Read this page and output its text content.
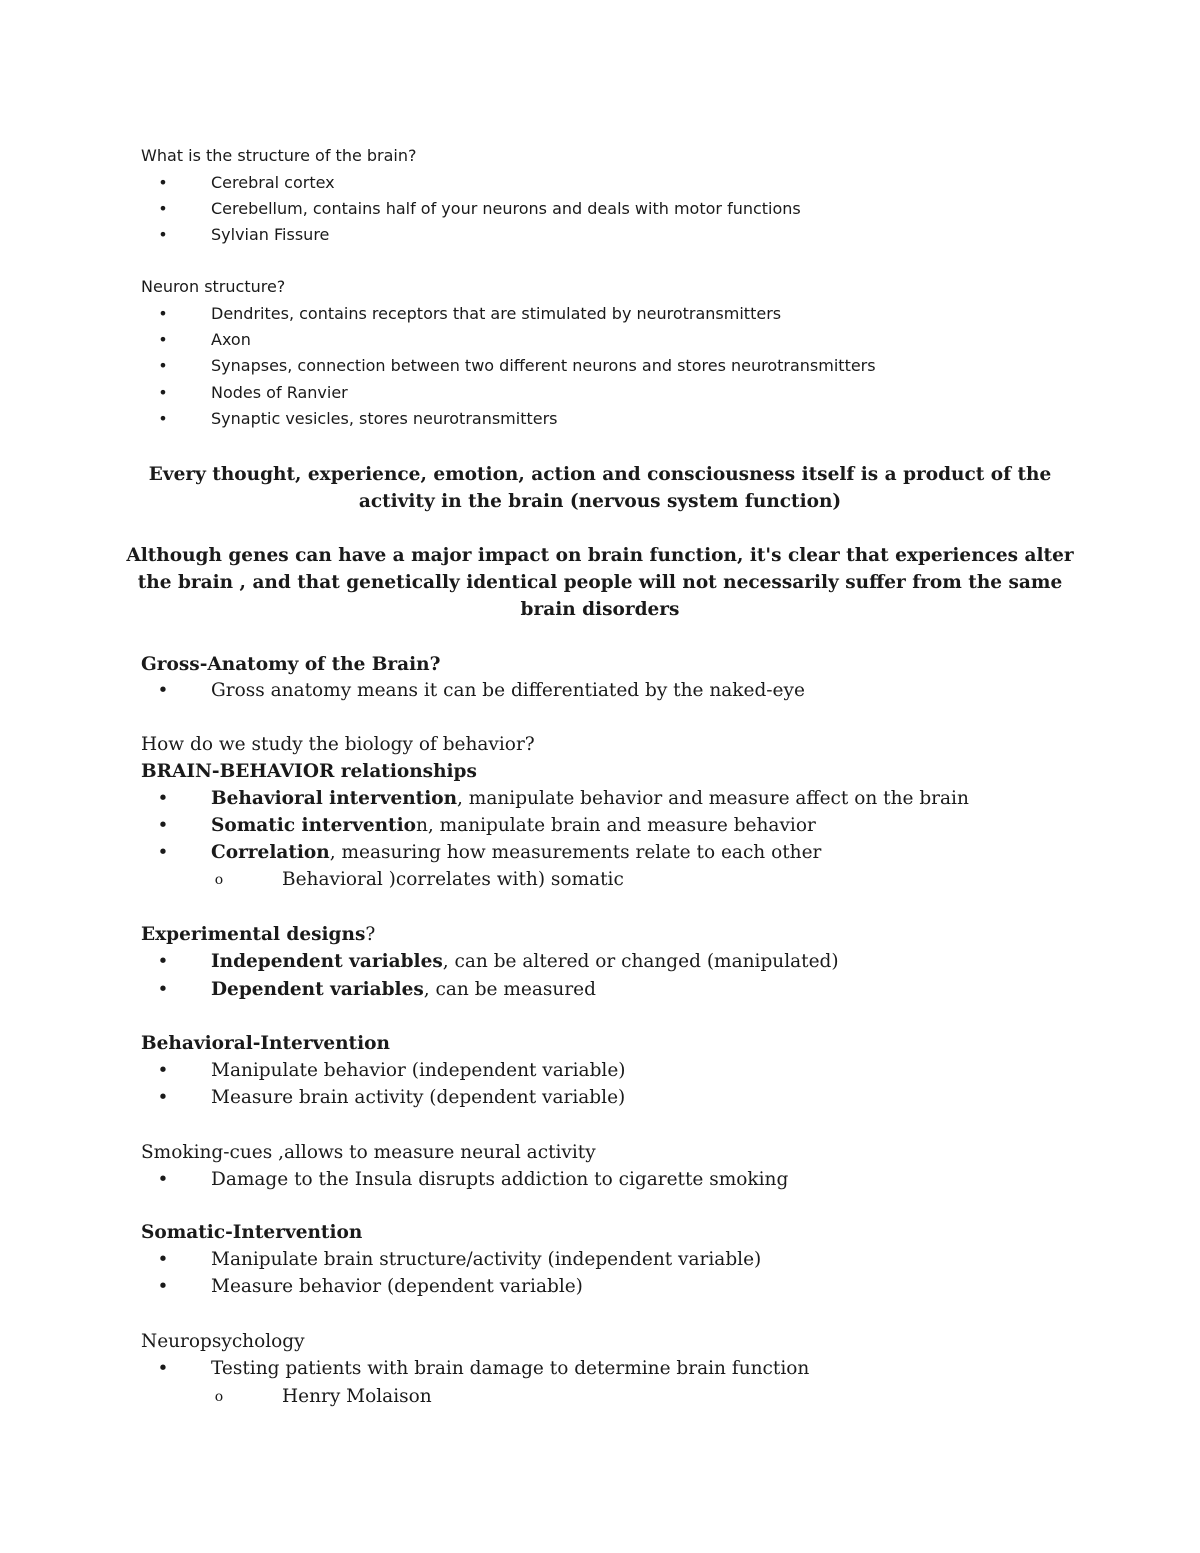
What is the structure of the brain?
•	Cerebral cortex
•	Cerebellum, contains half of your neurons and deals with motor functions
•	Sylvian Fissure
Neuron structure?
•	Dendrites, contains receptors that are stimulated by neurotransmitters
•	Axon
•	Synapses, connection between two different neurons and stores neurotransmitters
•	Nodes of Ranvier
•	Synaptic vesicles, stores neurotransmitters
Every thought, experience, emotion, action and consciousness itself is a product of the
activity in the brain (nervous system function)
Although genes can have a major impact on brain function, it's clear that experiences alter
the brain , and that genetically identical people will not necessarily suffer from the same
brain disorders
Gross-Anatomy of the Brain?
• Gross anatomy means it can be differentiated by the naked-eye
How do we study the biology of behavior?
BRAIN-BEHAVIOR relationships
• Behavioral intervention, manipulate behavior and measure affect on the brain
• Somatic intervention, manipulate brain and measure behavior
• Correlation, measuring how measurements relate to each other
o	Behavioral )correlates with) somatic
Experimental designs?
• Independent variables, can be altered or changed (manipulated)
• Dependent variables, can be measured
Behavioral-Intervention
• Manipulate behavior (independent variable)
• Measure brain activity (dependent variable)
Smoking-cues ,allows to measure neural activity
• Damage to the Insula disrupts addiction to cigarette smoking
Somatic-Intervention
• Manipulate brain structure/activity (independent variable)
• Measure behavior (dependent variable)
Neuropsychology
• Testing patients with brain damage to determine brain function
o	Henry Molaison
